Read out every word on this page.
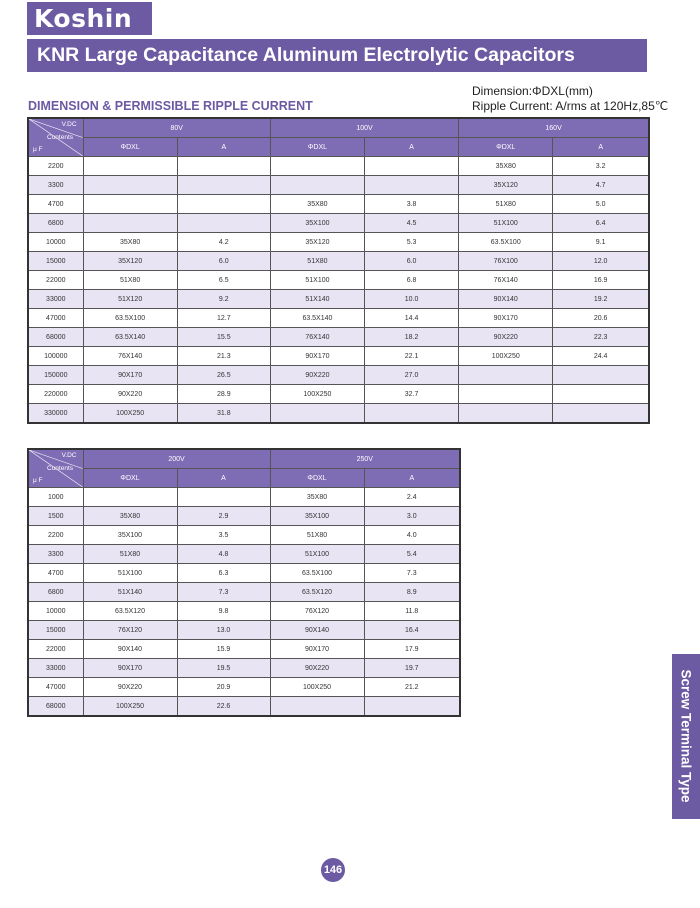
Koshin
KNR Large Capacitance Aluminum Electrolytic Capacitors
DIMENSION & PERMISSIBLE RIPPLE CURRENT
Dimension:ΦDXL(mm)
Ripple Current: A/rms at 120Hz,85℃
V.DC
Contents
μ F	80V		100V		160V	
	ΦDXL	A	ΦDXL	A	ΦDXL	A
2200					35X80	3.2
3300					35X120	4.7
4700			35X80	3.8	51X80	5.0
6800			35X100	4.5	51X100	6.4
10000	35X80	4.2	35X120	5.3	63.5X100	9.1
15000	35X120	6.0	51X80	6.0	76X100	12.0
22000	51X80	6.5	51X100	6.8	76X140	16.9
33000	51X120	9.2	51X140	10.0	90X140	19.2
47000	63.5X100	12.7	63.5X140	14.4	90X170	20.6
68000	63.5X140	15.5	76X140	18.2	90X220	22.3
100000	76X140	21.3	90X170	22.1	100X250	24.4
150000	90X170	26.5	90X220	27.0		
220000	90X220	28.9	100X250	32.7		
330000	100X250	31.8				
V.DC
Contents
μ F	200V		250V	
	ΦDXL	A	ΦDXL	A
1000			35X80	2.4
1500	35X80	2.9	35X100	3.0
2200	35X100	3.5	51X80	4.0
3300	51X80	4.8	51X100	5.4
4700	51X100	6.3	63.5X100	7.3
6800	51X140	7.3	63.5X120	8.9
10000	63.5X120	9.8	76X120	11.8
15000	76X120	13.0	90X140	16.4
22000	90X140	15.9	90X170	17.9
33000	90X170	19.5	90X220	19.7
47000	90X220	20.9	100X250	21.2
68000	100X250	22.6			Screw Terminal Type
146
